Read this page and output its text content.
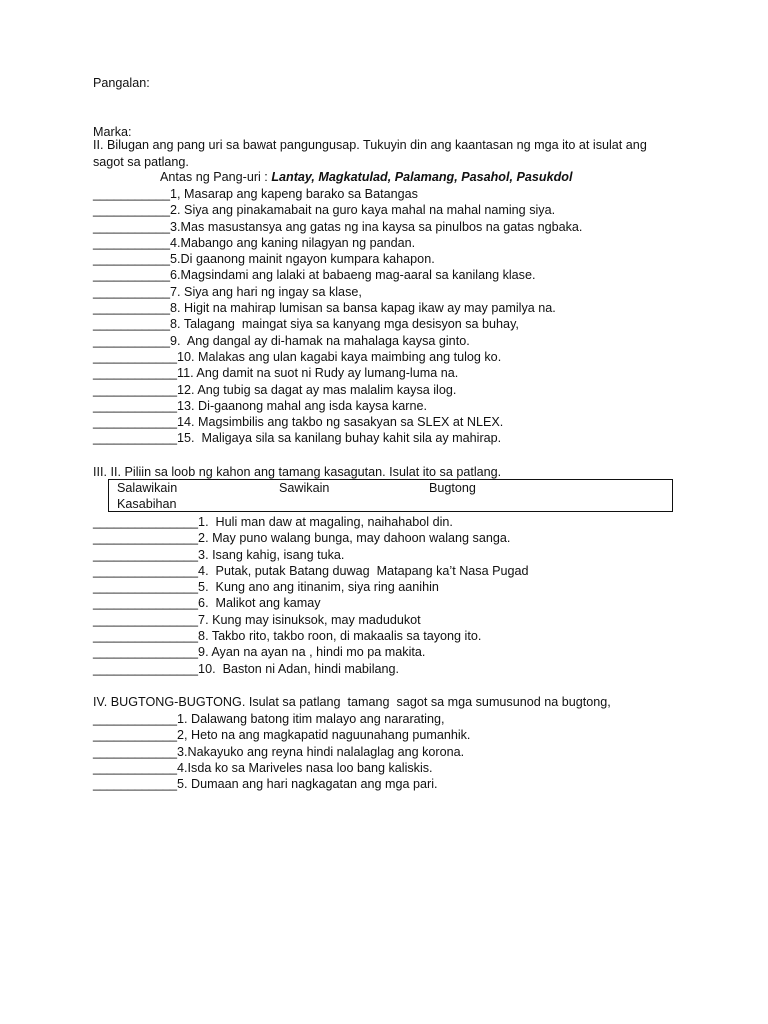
Pangalan:

Marka:

II. Bilugan ang pang uri sa bawat pangungusap. Tukuyin din ang kaantasan ng mga ito at isulat ang sagot sa patlang.
Antas ng Pang-uri : Lantay, Magkatulad, Palamang, Pasahol, Pasukdol
___________1, Masarap ang kapeng barako sa Batangas
___________2. Siya ang pinakamabait na guro kaya mahal na mahal naming siya.
___________3.Mas masustansya ang gatas ng ina kaysa sa pinulbos na gatas ngbaka.
___________4.Mabango ang kaning nilagyan ng pandan.
___________5.Di gaanong mainit ngayon kumpara kahapon.
___________6.Magsindami ang lalaki at babaeng mag-aaral sa kanilang klase.
___________7. Siya ang hari ng ingay sa klase,
___________8. Higit na mahirap lumisan sa bansa kapag ikaw ay may pamilya na.
___________8. Talagang  maingat siya sa kanyang mga desisyon sa buhay,
___________9.  Ang dangal ay di-hamak na mahalaga kaysa ginto.
____________10. Malakas ang ulan kagabi kaya maimbing ang tulog ko.
____________11. Ang damit na suot ni Rudy ay lumang-luma na.
____________12. Ang tubig sa dagat ay mas malalim kaysa ilog.
____________13. Di-gaanong mahal ang isda kaysa karne.
____________14. Magsimbilis ang takbo ng sasakyan sa SLEX at NLEX.
____________15.  Maligaya sila sa kanilang buhay kahit sila ay mahirap.
III. II. Piliin sa loob ng kahon ang tamang kasagutan. Isulat ito sa patlang.
Salawikain	Sawikain	Bugtong
Kasabihan
_______________1.  Huli man daw at magaling, naihahabol din.
_______________2. May puno walang bunga, may dahoon walang sanga.
_______________3. Isang kahig, isang tuka.
_______________4.  Putak, putak Batang duwag  Matapang ka’t Nasa Pugad
_______________5.  Kung ano ang itinanim, siya ring aanihin
_______________6.  Malikot ang kamay
_______________7. Kung may isinuksok, may madudukot
_______________8. Takbo rito, takbo roon, di makaalis sa tayong ito.
_______________9. Ayan na ayan na , hindi mo pa makita.
_______________10.  Baston ni Adan, hindi mabilang.
IV. BUGTONG-BUGTONG. Isulat sa patlang  tamang  sagot sa mga sumusunod na bugtong,
____________1. Dalawang batong itim malayo ang nararating,
____________2, Heto na ang magkapatid naguunahang pumanhik.
____________3.Nakayuko ang reyna hindi nalalaglag ang korona.
____________4.Isda ko sa Mariveles nasa loo bang kaliskis.
____________5. Dumaan ang hari nagkagatan ang mga pari.
